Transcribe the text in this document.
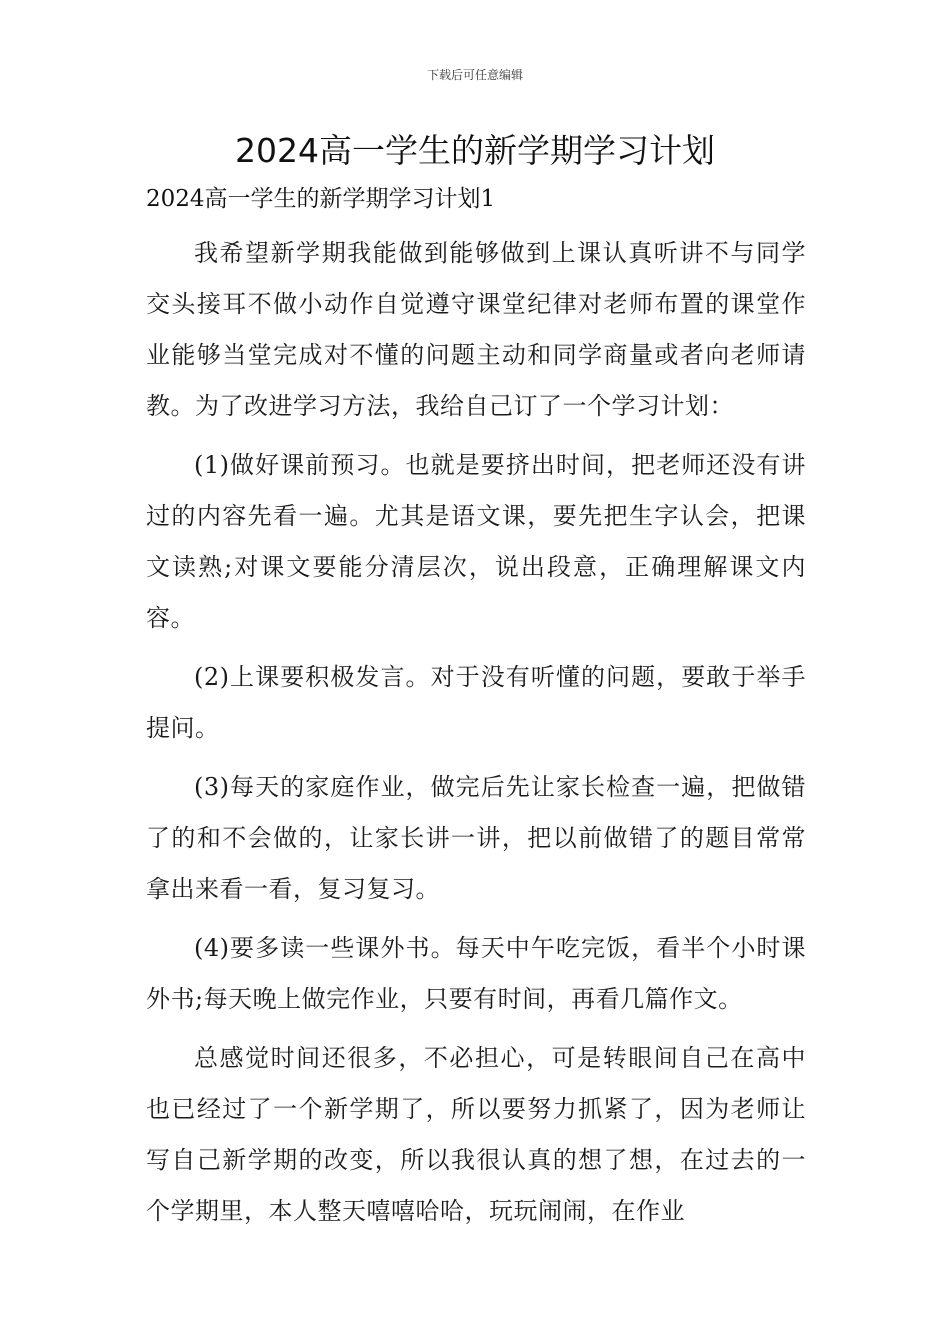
下载后可任意编辑
2024高一学生的新学期学习计划

2024高一学生的新学期学习计划1

我希望新学期我能做到能够做到上课认真听讲不与同学交头接耳不做小动作自觉遵守课堂纪律对老师布置的课堂作业能够当堂完成对不懂的问题主动和同学商量或者向老师请教。为了改进学习方法，我给自己订了一个学习计划：

(1)做好课前预习。也就是要挤出时间，把老师还没有讲过的内容先看一遍。尤其是语文课，要先把生字认会，把课文读熟;对课文要能分清层次，说出段意，正确理解课文内容。

(2)上课要积极发言。对于没有听懂的问题，要敢于举手提问。

(3)每天的家庭作业，做完后先让家长检查一遍，把做错了的和不会做的，让家长讲一讲，把以前做错了的题目常常拿出来看一看，复习复习。

(4)要多读一些课外书。每天中午吃完饭，看半个小时课外书;每天晚上做完作业，只要有时间，再看几篇作文。

总感觉时间还很多，不必担心，可是转眼间自己在高中也已经过了一个新学期了，所以要努力抓紧了，因为老师让写自己新学期的改变，所以我很认真的想了想，在过去的一个学期里，本人整天嘻嘻哈哈，玩玩闹闹，在作业
